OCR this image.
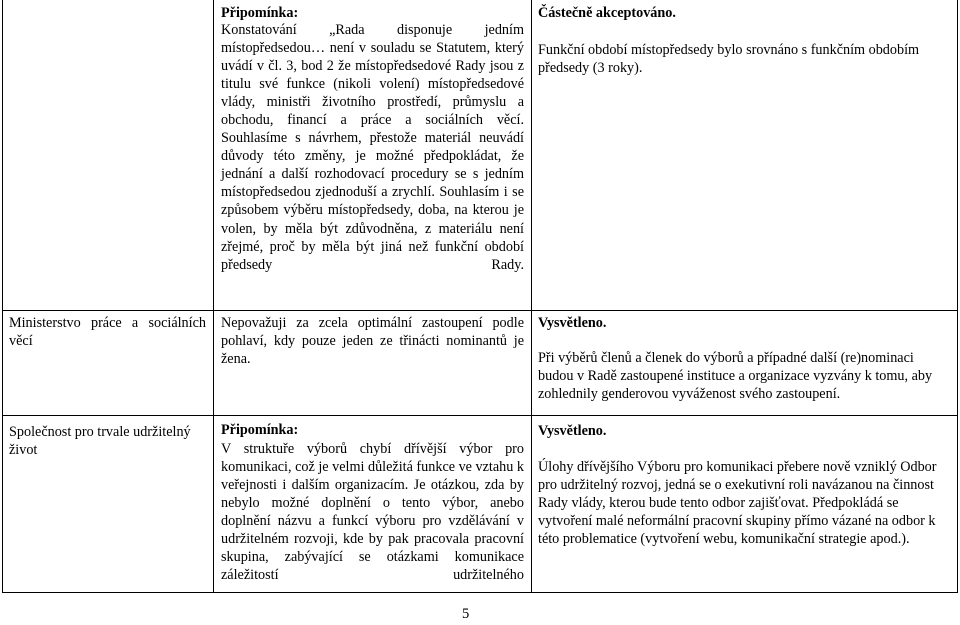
Připomínka:
Konstatování „Rada disponuje jedním místopředsedou… není v souladu se Statutem, který uvádí v čl. 3, bod 2 že místopředsedové Rady jsou z titulu své funkce (nikoli volení) místopředsedové vlády, ministři životního prostředí, průmyslu a obchodu, financí a práce a sociálních věcí. Souhlasíme s návrhem, přestože materiál neuvádí důvody této změny, je možné předpokládat, že jednání a další rozhodovací procedury se s jedním místopředsedou zjednoduší a zrychlí. Souhlasím i se způsobem výběru místopředsedy, doba, na kterou je volen, by měla být zdůvodněna, z materiálu není zřejmé, proč by měla být jiná než funkční období předsedy Rady.
Částečně akceptováno.
Funkční období místopředsedy bylo srovnáno s funkčním obdobím předsedy (3 roky).
Ministerstvo práce a sociálních věcí
Nepovažuji za zcela optimální zastoupení podle pohlaví, kdy pouze jeden ze třinácti nominantů je žena.
Vysvětleno.
Při výběrů členů a členek do výborů a případné další (re)nominaci budou v Radě zastoupené instituce a organizace vyzvány k tomu, aby zohlednily genderovou vyváženost svého zastoupení.
Společnost pro trvale udržitelný život
Připomínka:
V struktuře výborů chybí dřívější výbor pro komunikaci, což je velmi důležitá funkce ve vztahu k veřejnosti i dalším organizacím. Je otázkou, zda by nebylo možné doplnění o tento výbor, anebo doplnění názvu a funkcí výboru pro vzdělávání v udržitelném rozvoji, kde by pak pracovala pracovní skupina, zabývající se otázkami komunikace záležitostí udržitelného
Vysvětleno.
Úlohy dřívějšího Výboru pro komunikaci přebere nově vzniklý Odbor pro udržitelný rozvoj, jedná se o exekutivní roli navázanou na činnost Rady vlády, kterou bude tento odbor zajišťovat. Předpokládá se vytvoření malé neformální pracovní skupiny přímo vázané na odbor k této problematice (vytvoření webu, komunikační strategie apod.).
5
